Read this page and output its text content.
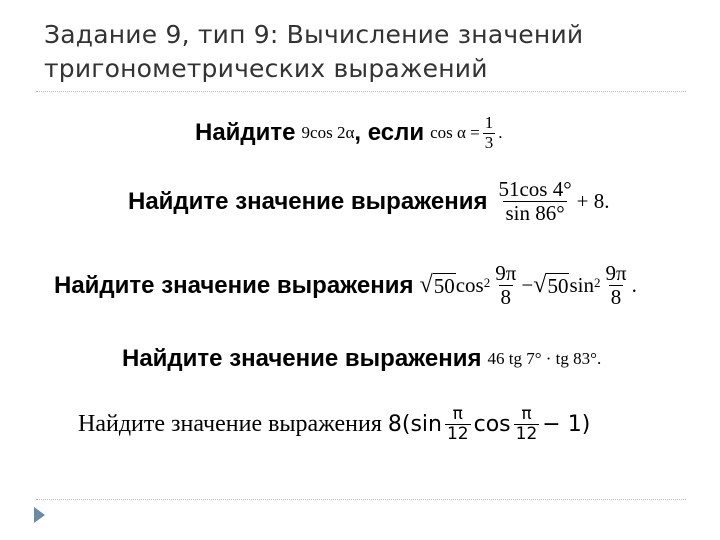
Задание 9, тип 9: Вычисление значений
тригонометрических выражений
Найдите 9cos 2α , если $\cos \alpha = \frac{1}{3}$ .
Найдите значение выражения $\frac{51\cos 4^\circ}{\sin 86^\circ} + 8$.
Найдите значение выражения √ 50 $\cos^2 \frac{9\pi}{8}$ − √ 50 $\sin^2 \frac{9\pi}{8}$ .
Найдите значение выражения 46 tg 7° · tg 83°.
Найдите значение выражения $8(\sin \frac{\pi}{12}$ $\cos \frac{\pi}{12} - 1$)
